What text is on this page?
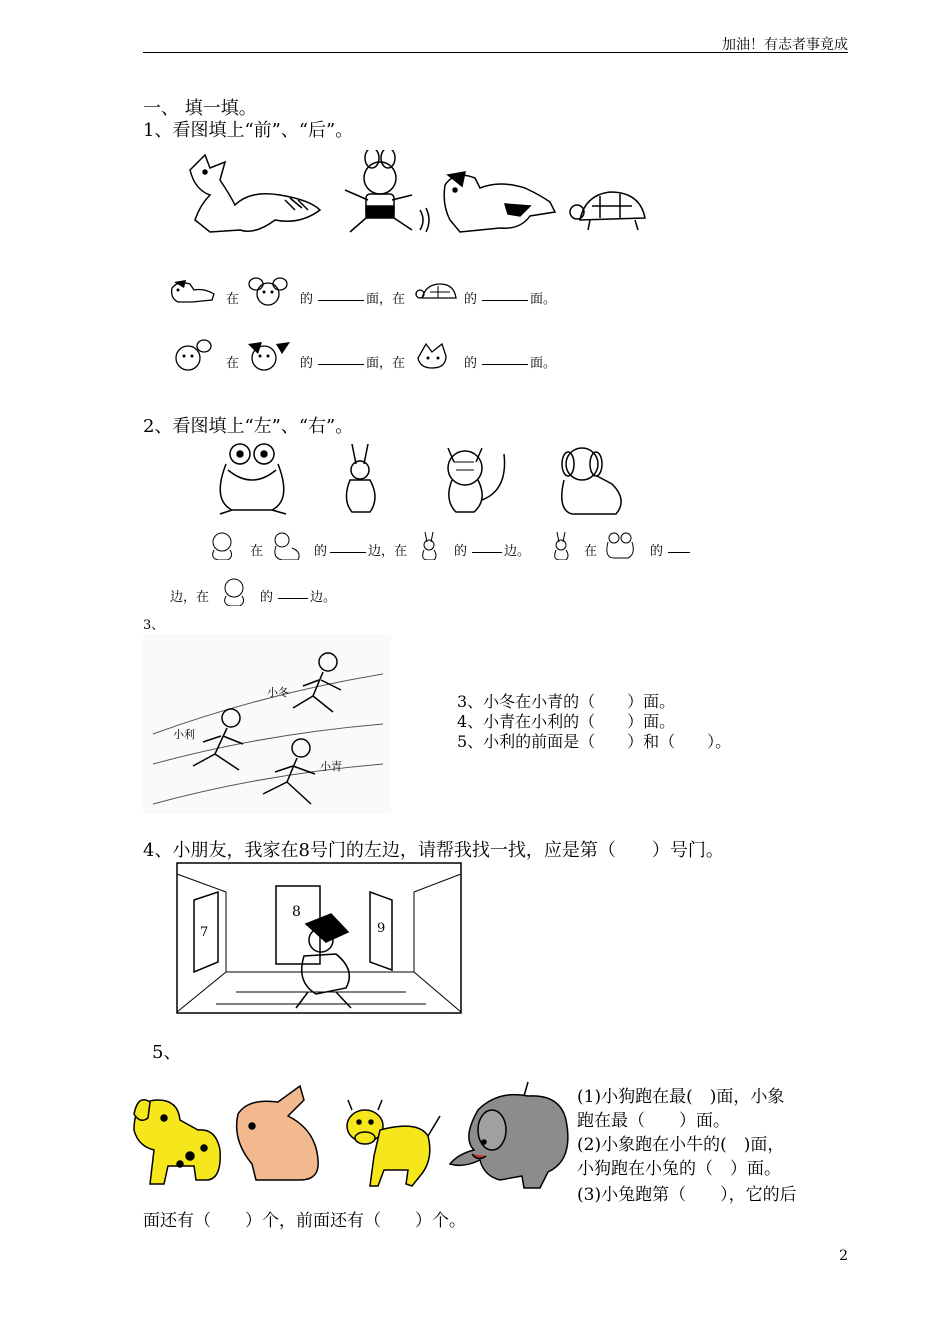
加油！有志者事竟成
一、 填一填。
1、看图填上“前”、“后”。
在	的	面，在	的	面。
在	的	面，在	的	面。
2、看图填上“左”、“右”。
在	的	边，在	的	边。	在	的
边，在	的	边。
3、
小冬
小利
小青
3、小冬在小青的（　　）面。
4、小青在小利的（　　）面。
5、小利的前面是（　　）和（　　）。
4、小朋友，我家在8号门的左边，请帮我找一找，应是第（　　）号门。
7
8
9
5、
(1)小狗跑在最(　)面，小象
跑在最（　　）面。
(2)小象跑在小牛的(　)面，
小狗跑在小兔的（　）面。
(3)小兔跑第（　　），它的后
面还有（　　）个，前面还有（　　）个。
2
